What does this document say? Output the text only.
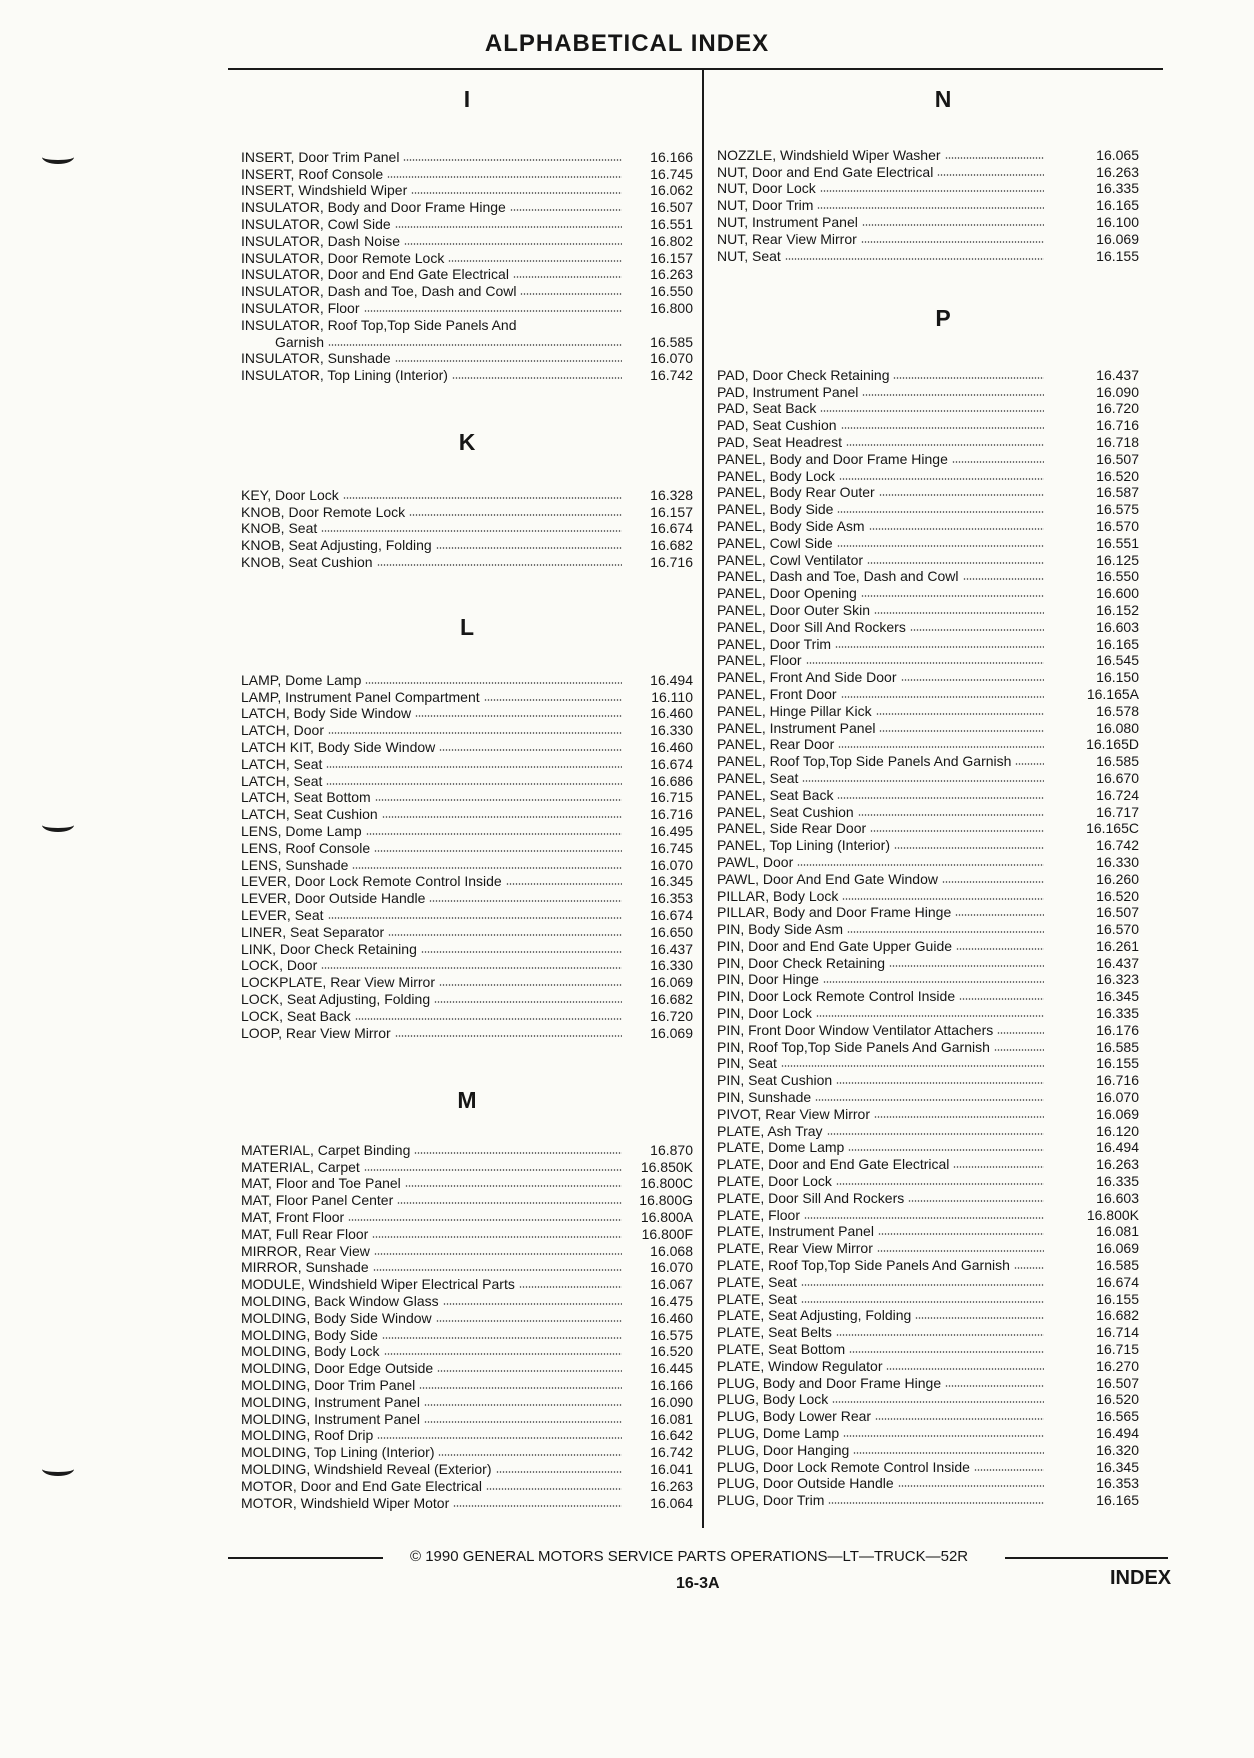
ALPHABETICAL INDEX
I
INSERT, Door Trim Panel	16.166
INSERT, Roof Console	16.745
INSERT, Windshield Wiper	16.062
INSULATOR, Body and Door Frame Hinge	16.507
INSULATOR, Cowl Side	16.551
INSULATOR, Dash Noise	16.802
INSULATOR, Door Remote Lock	16.157
INSULATOR, Door and End Gate Electrical	16.263
INSULATOR, Dash and Toe, Dash and Cowl	16.550
INSULATOR, Floor	16.800
INSULATOR, Roof Top,Top Side Panels And
Garnish	16.585
INSULATOR, Sunshade	16.070
INSULATOR, Top Lining (Interior)	16.742
K
KEY, Door Lock	16.328
KNOB, Door Remote Lock	16.157
KNOB, Seat	16.674
KNOB, Seat Adjusting, Folding	16.682
KNOB, Seat Cushion	16.716
L
LAMP, Dome Lamp	16.494
LAMP, Instrument Panel Compartment	16.110
LATCH, Body Side Window	16.460
LATCH, Door	16.330
LATCH KIT, Body Side Window	16.460
LATCH, Seat	16.674
LATCH, Seat	16.686
LATCH, Seat Bottom	16.715
LATCH, Seat Cushion	16.716
LENS, Dome Lamp	16.495
LENS, Roof Console	16.745
LENS, Sunshade	16.070
LEVER, Door Lock Remote Control Inside	16.345
LEVER, Door Outside Handle	16.353
LEVER, Seat	16.674
LINER, Seat Separator	16.650
LINK, Door Check Retaining	16.437
LOCK, Door	16.330
LOCKPLATE, Rear View Mirror	16.069
LOCK, Seat Adjusting, Folding	16.682
LOCK, Seat Back	16.720
LOOP, Rear View Mirror	16.069
M
MATERIAL, Carpet Binding	16.870
MATERIAL, Carpet	16.850K
MAT, Floor and Toe Panel	16.800C
MAT, Floor Panel Center	16.800G
MAT, Front Floor	16.800A
MAT, Full Rear Floor	16.800F
MIRROR, Rear View	16.068
MIRROR, Sunshade	16.070
MODULE, Windshield Wiper Electrical Parts	16.067
MOLDING, Back Window Glass	16.475
MOLDING, Body Side Window	16.460
MOLDING, Body Side	16.575
MOLDING, Body Lock	16.520
MOLDING, Door Edge Outside	16.445
MOLDING, Door Trim Panel	16.166
MOLDING, Instrument Panel	16.090
MOLDING, Instrument Panel	16.081
MOLDING, Roof Drip	16.642
MOLDING, Top Lining (Interior)	16.742
MOLDING, Windshield Reveal (Exterior)	16.041
MOTOR, Door and End Gate Electrical	16.263
MOTOR, Windshield Wiper Motor	16.064
N
NOZZLE, Windshield Wiper Washer	16.065
NUT, Door and End Gate Electrical	16.263
NUT, Door Lock	16.335
NUT, Door Trim	16.165
NUT, Instrument Panel	16.100
NUT, Rear View Mirror	16.069
NUT, Seat	16.155
P
PAD, Door Check Retaining	16.437
PAD, Instrument Panel	16.090
PAD, Seat Back	16.720
PAD, Seat Cushion	16.716
PAD, Seat Headrest	16.718
PANEL, Body and Door Frame Hinge	16.507
PANEL, Body Lock	16.520
PANEL, Body Rear Outer	16.587
PANEL, Body Side	16.575
PANEL, Body Side Asm	16.570
PANEL, Cowl Side	16.551
PANEL, Cowl Ventilator	16.125
PANEL, Dash and Toe, Dash and Cowl	16.550
PANEL, Door Opening	16.600
PANEL, Door Outer Skin	16.152
PANEL, Door Sill And Rockers	16.603
PANEL, Door Trim	16.165
PANEL, Floor	16.545
PANEL, Front And Side Door	16.150
PANEL, Front Door	16.165A
PANEL, Hinge Pillar Kick	16.578
PANEL, Instrument Panel	16.080
PANEL, Rear Door	16.165D
PANEL, Roof Top,Top Side Panels And Garnish	16.585
PANEL, Seat	16.670
PANEL, Seat Back	16.724
PANEL, Seat Cushion	16.717
PANEL, Side Rear Door	16.165C
PANEL, Top Lining (Interior)	16.742
PAWL, Door	16.330
PAWL, Door And End Gate Window	16.260
PILLAR, Body Lock	16.520
PILLAR, Body and Door Frame Hinge	16.507
PIN, Body Side Asm	16.570
PIN, Door and End Gate Upper Guide	16.261
PIN, Door Check Retaining	16.437
PIN, Door Hinge	16.323
PIN, Door Lock Remote Control Inside	16.345
PIN, Door Lock	16.335
PIN, Front Door Window Ventilator Attachers	16.176
PIN, Roof Top,Top Side Panels And Garnish	16.585
PIN, Seat	16.155
PIN, Seat Cushion	16.716
PIN, Sunshade	16.070
PIVOT, Rear View Mirror	16.069
PLATE, Ash Tray	16.120
PLATE, Dome Lamp	16.494
PLATE, Door and End Gate Electrical	16.263
PLATE, Door Lock	16.335
PLATE, Door Sill And Rockers	16.603
PLATE, Floor	16.800K
PLATE, Instrument Panel	16.081
PLATE, Rear View Mirror	16.069
PLATE, Roof Top,Top Side Panels And Garnish	16.585
PLATE, Seat	16.674
PLATE, Seat	16.155
PLATE, Seat Adjusting, Folding	16.682
PLATE, Seat Belts	16.714
PLATE, Seat Bottom	16.715
PLATE, Window Regulator	16.270
PLUG, Body and Door Frame Hinge	16.507
PLUG, Body Lock	16.520
PLUG, Body Lower Rear	16.565
PLUG, Dome Lamp	16.494
PLUG, Door Hanging	16.320
PLUG, Door Lock Remote Control Inside	16.345
PLUG, Door Outside Handle	16.353
PLUG, Door Trim	16.165
© 1990 GENERAL MOTORS SERVICE PARTS OPERATIONS—LT—TRUCK—52R
16-3A	INDEX
